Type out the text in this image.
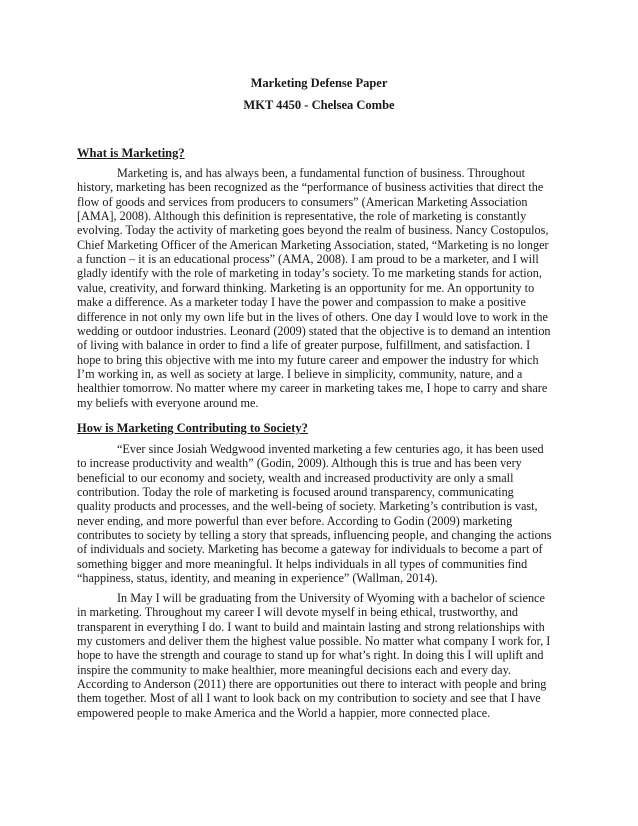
Marketing Defense Paper
MKT 4450 - Chelsea Combe
What is Marketing?
Marketing is, and has always been, a fundamental function of business. Throughout
history, marketing has been recognized as the “performance of business activities that direct the
flow of goods and services from producers to consumers” (American Marketing Association
[AMA], 2008). Although this definition is representative, the role of marketing is constantly
evolving. Today the activity of marketing goes beyond the realm of business. Nancy Costopulos,
Chief Marketing Officer of the American Marketing Association, stated, “Marketing is no longer
a function – it is an educational process” (AMA, 2008). I am proud to be a marketer, and I will
gladly identify with the role of marketing in today’s society. To me marketing stands for action,
value, creativity, and forward thinking. Marketing is an opportunity for me. An opportunity to
make a difference. As a marketer today I have the power and compassion to make a positive
difference in not only my own life but in the lives of others. One day I would love to work in the
wedding or outdoor industries. Leonard (2009) stated that the objective is to demand an intention
of living with balance in order to find a life of greater purpose, fulfillment, and satisfaction. I
hope to bring this objective with me into my future career and empower the industry for which
I’m working in, as well as society at large. I believe in simplicity, community, nature, and a
healthier tomorrow. No matter where my career in marketing takes me, I hope to carry and share
my beliefs with everyone around me.
How is Marketing Contributing to Society?
“Ever since Josiah Wedgwood invented marketing a few centuries ago, it has been used
to increase productivity and wealth” (Godin, 2009). Although this is true and has been very
beneficial to our economy and society, wealth and increased productivity are only a small
contribution. Today the role of marketing is focused around transparency, communicating
quality products and processes, and the well-being of society. Marketing’s contribution is vast,
never ending, and more powerful than ever before. According to Godin (2009) marketing
contributes to society by telling a story that spreads, influencing people, and changing the actions
of individuals and society. Marketing has become a gateway for individuals to become a part of
something bigger and more meaningful. It helps individuals in all types of communities find
“happiness, status, identity, and meaning in experience” (Wallman, 2014).
In May I will be graduating from the University of Wyoming with a bachelor of science
in marketing. Throughout my career I will devote myself in being ethical, trustworthy, and
transparent in everything I do. I want to build and maintain lasting and strong relationships with
my customers and deliver them the highest value possible. No matter what company I work for, I
hope to have the strength and courage to stand up for what’s right. In doing this I will uplift and
inspire the community to make healthier, more meaningful decisions each and every day.
According to Anderson (2011) there are opportunities out there to interact with people and bring
them together. Most of all I want to look back on my contribution to society and see that I have
empowered people to make America and the World a happier, more connected place.
